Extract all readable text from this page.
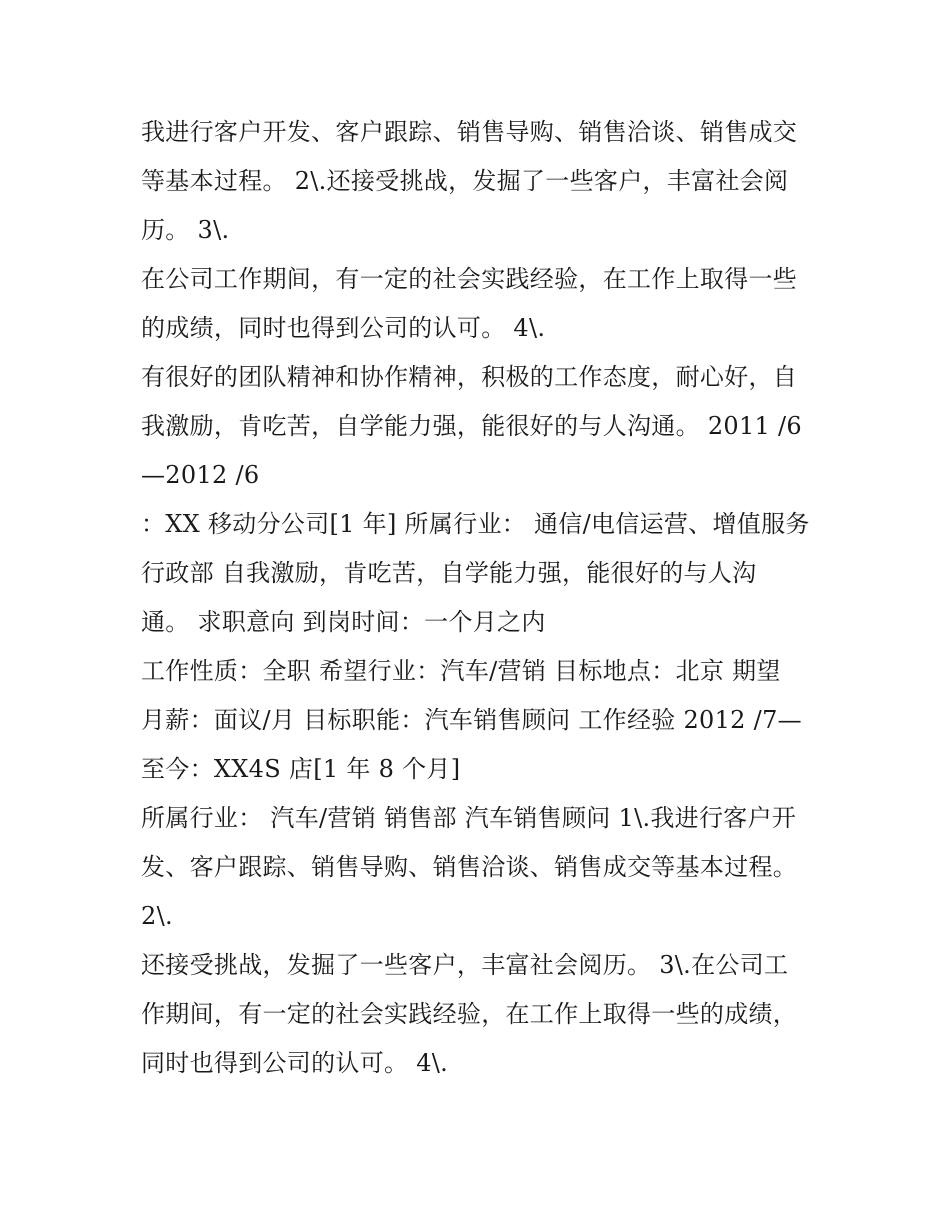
我进行客户开发、客户跟踪、销售导购、销售洽谈、销售成交
等基本过程。 2\.还接受挑战，发掘了一些客户，丰富社会阅
历。 3\.
在公司工作期间，有一定的社会实践经验，在工作上取得一些
的成绩，同时也得到公司的认可。 4\.
有很好的团队精神和协作精神，积极的工作态度，耐心好，自
我激励，肯吃苦，自学能力强，能很好的与人沟通。 2011 /6
—2012 /6
：XX 移动分公司[1 年] 所属行业： 通信/电信运营、增值服务
行政部 自我激励，肯吃苦，自学能力强，能很好的与人沟
通。 求职意向 到岗时间：一个月之内
工作性质：全职 希望行业：汽车/营销 目标地点：北京 期望
月薪：面议/月 目标职能：汽车销售顾问 工作经验 2012 /7—
至今：XX4S 店[1 年 8 个月]
所属行业： 汽车/营销 销售部 汽车销售顾问 1\.我进行客户开
发、客户跟踪、销售导购、销售洽谈、销售成交等基本过程。
2\.
还接受挑战，发掘了一些客户，丰富社会阅历。 3\.在公司工
作期间，有一定的社会实践经验，在工作上取得一些的成绩，
同时也得到公司的认可。 4\.
